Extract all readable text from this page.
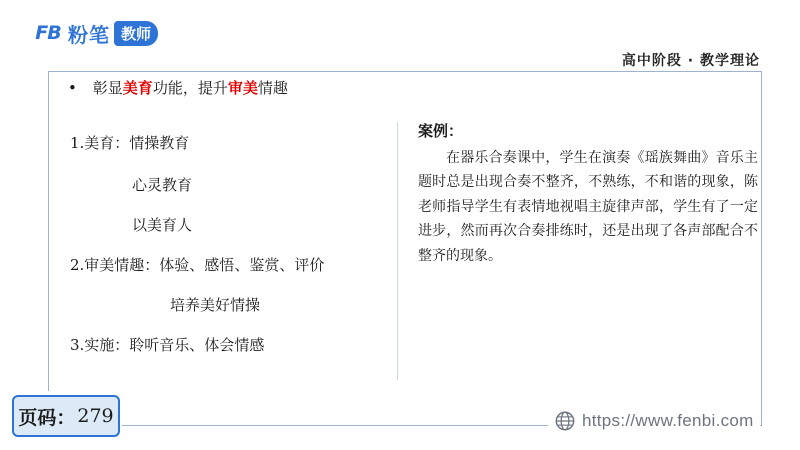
FB 粉笔 教师
高中阶段 · 教学理论
• 彰显美育功能，提升审美情趣
1.美育：情操教育
心灵教育
以美育人
2.审美情趣：体验、感悟、鉴赏、评价
培养美好情操
3.实施：聆听音乐、体会情感
案例：
在器乐合奏课中，学生在演奏《瑶族舞曲》音乐主题时总是出现合奏不整齐，不熟练，不和谐的现象，陈老师指导学生有表情地视唱主旋律声部，学生有了一定进步，然而再次合奏排练时，还是出现了各声部配合不整齐的现象。
页码： 279	https://www.fenbi.com
